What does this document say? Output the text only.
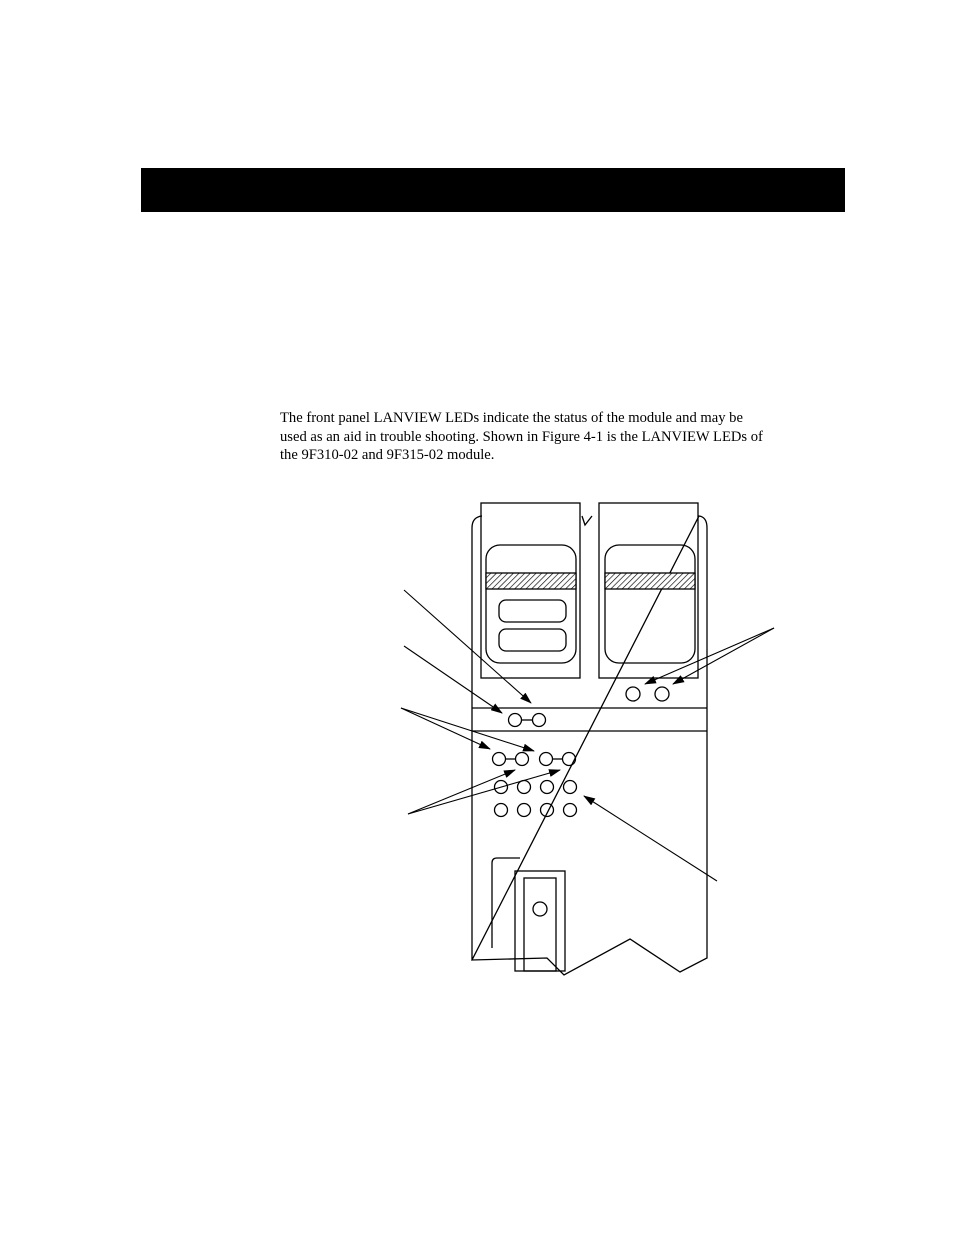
The front panel LANVIEW LEDs indicate the status of the module and may be

used as an aid in trouble shooting. Shown in Figure 4-1 is the LANVIEW LEDs of

the 9F310-02 and 9F315-02 module.
